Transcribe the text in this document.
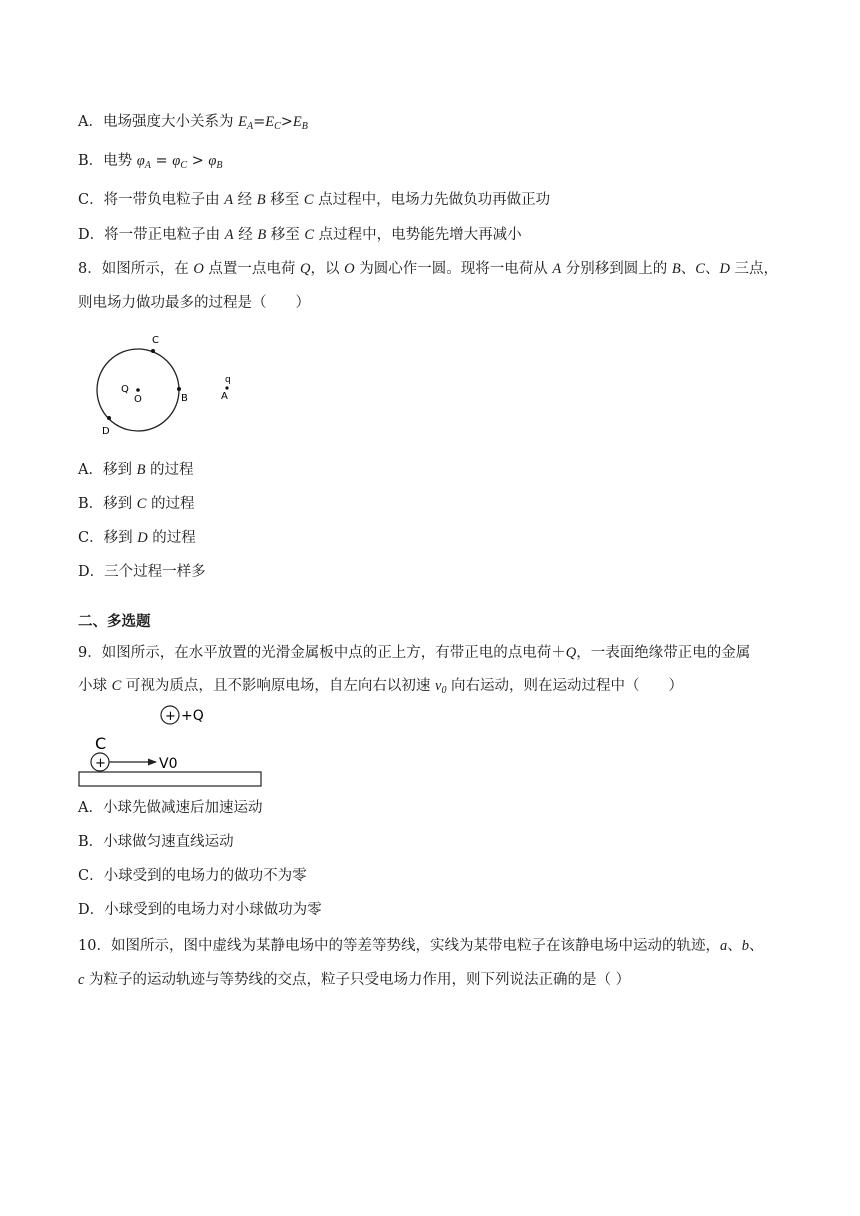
A．电场强度大小关系为 $E_A=E_C>E_B$
B．电势 $\varphi_A = \varphi_C > \varphi_B$
C．将一带负电粒子由 A 经 B 移至 C 点过程中，电场力先做负功再做正功
D．将一带正电粒子由 A 经 B 移至 C 点过程中，电势能先增大再减小
8．如图所示，在 O 点置一点电荷 Q，以 O 为圆心作一圆。现将一电荷从 A 分别移到圆上的 B、C、D 三点，
则电场力做功最多的过程是（　　）
C
Q
O	B
D
q
A
A．移到 B 的过程
B．移到 C 的过程
C．移到 D 的过程
D．三个过程一样多
二、多选题
9．如图所示，在水平放置的光滑金属板中点的正上方，有带正电的点电荷＋Q，一表面绝缘带正电的金属
小球 C 可视为质点，且不影响原电场，自左向右以初速 $v_0$ 向右运动，则在运动过程中（　　）
+ +Q
C
+	V0
A．小球先做减速后加速运动
B．小球做匀速直线运动
C．小球受到的电场力的做功不为零
D．小球受到的电场力对小球做功为零
10．如图所示，图中虚线为某静电场中的等差等势线，实线为某带电粒子在该静电场中运动的轨迹，a、b、
c 为粒子的运动轨迹与等势线的交点，粒子只受电场力作用，则下列说法正确的是（ ）
